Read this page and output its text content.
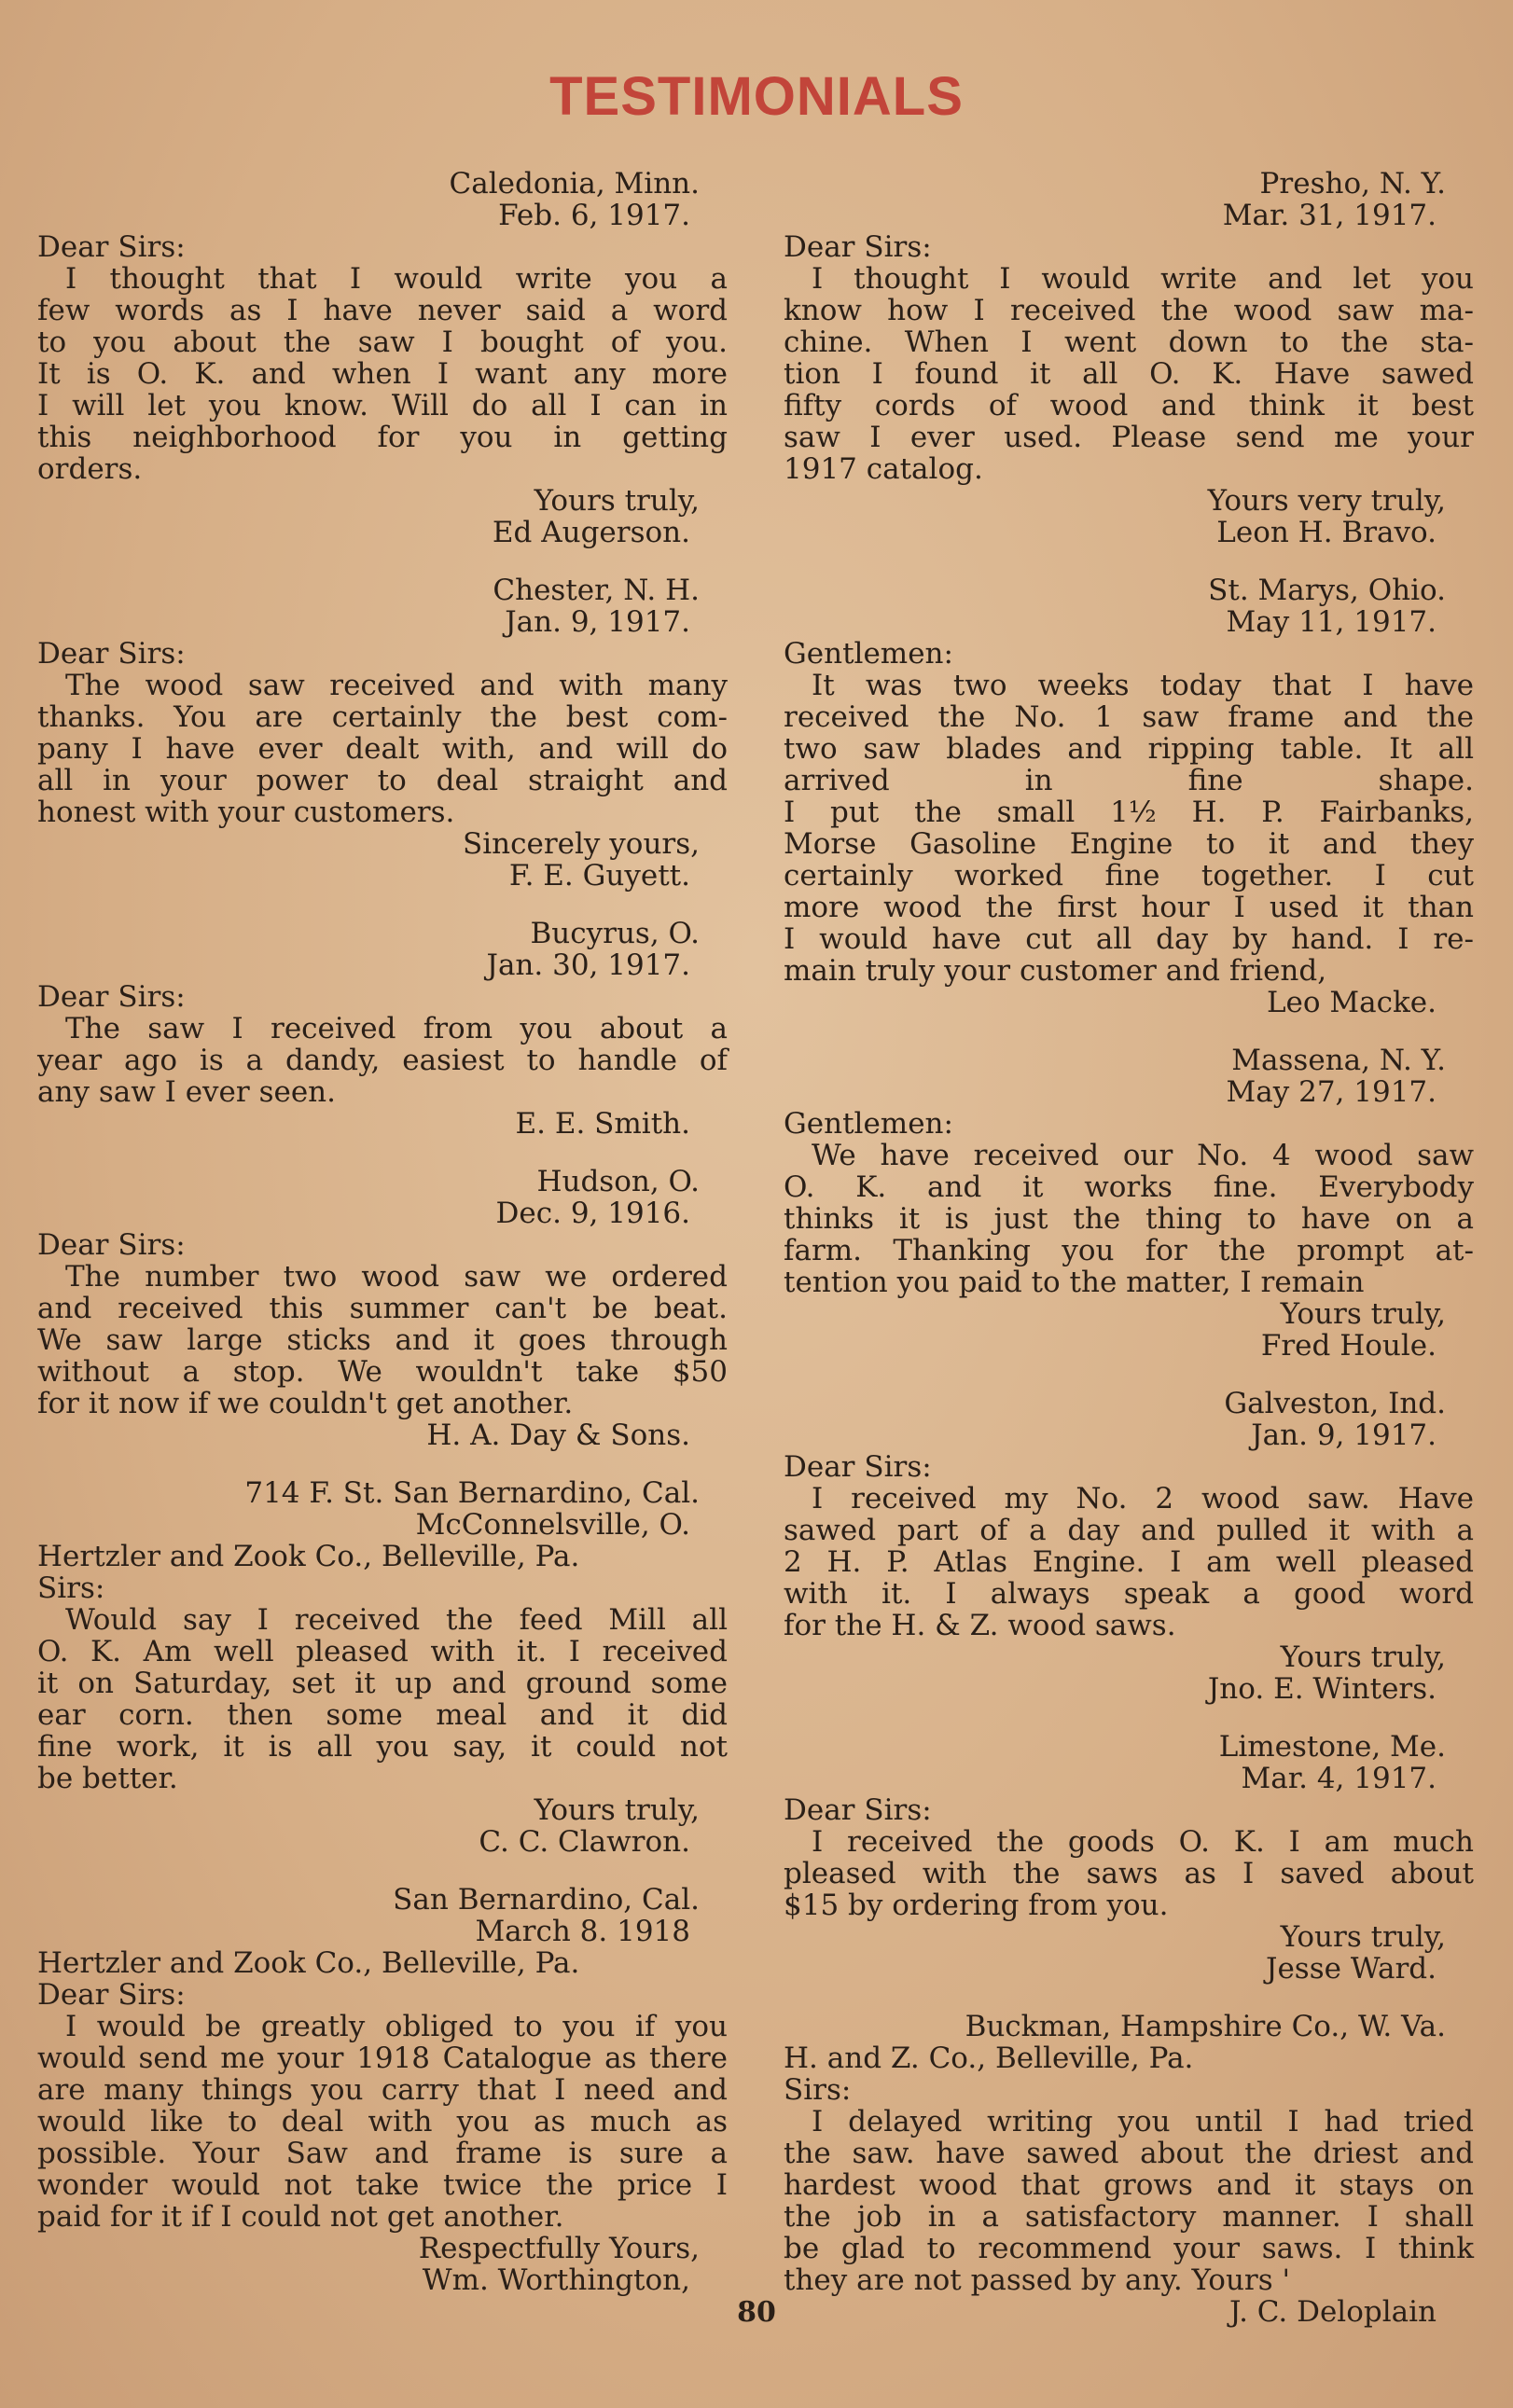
TESTIMONIALS
Caledonia, Minn.
Feb. 6, 1917.
Dear Sirs:
I thought that I would write you a
few words as I have never said a word
to you about the saw I bought of you.
It is O. K. and when I want any more
I will let you know. Will do all I can in
this neighborhood for you in getting
orders.
Yours truly,
Ed Augerson.
Chester, N. H.
Jan. 9, 1917.
Dear Sirs:
The wood saw received and with many
thanks. You are certainly the best com-
pany I have ever dealt with, and will do
all in your power to deal straight and
honest with your customers.
Sincerely yours,
F. E. Guyett.
Bucyrus, O.
Jan. 30, 1917.
Dear Sirs:
The saw I received from you about a
year ago is a dandy, easiest to handle of
any saw I ever seen.
E. E. Smith.
Hudson, O.
Dec. 9, 1916.
Dear Sirs:
The number two wood saw we ordered
and received this summer can't be beat.
We saw large sticks and it goes through
without a stop. We wouldn't take $50
for it now if we couldn't get another.
H. A. Day & Sons.
714 F. St. San Bernardino, Cal.
McConnelsville, O.
Hertzler and Zook Co., Belleville, Pa.
Sirs:
Would say I received the feed Mill all
O. K. Am well pleased with it. I received
it on Saturday, set it up and ground some
ear corn. then some meal and it did
fine work, it is all you say, it could not
be better.
Yours truly,
C. C. Clawron.
San Bernardino, Cal.
March 8. 1918
Hertzler and Zook Co., Belleville, Pa.
Dear Sirs:
I would be greatly obliged to you if you
would send me your 1918 Catalogue as there
are many things you carry that I need and
would like to deal with you as much as
possible. Your Saw and frame is sure a
wonder would not take twice the price I
paid for it if I could not get another.
Respectfully Yours,
Wm. Worthington,
Presho, N. Y.
Mar. 31, 1917.
Dear Sirs:
I thought I would write and let you
know how I received the wood saw ma-
chine. When I went down to the sta-
tion I found it all O. K. Have sawed
fifty cords of wood and think it best
saw I ever used. Please send me your
1917 catalog.
Yours very truly,
Leon H. Bravo.
St. Marys, Ohio.
May 11, 1917.
Gentlemen:
It was two weeks today that I have
received the No. 1 saw frame and the
two saw blades and ripping table. It all
arrived in fine shape.
I put the small 1½ H. P. Fairbanks,
Morse Gasoline Engine to it and they
certainly worked fine together. I cut
more wood the first hour I used it than
I would have cut all day by hand. I re-
main truly your customer and friend,
Leo Macke.
Massena, N. Y.
May 27, 1917.
Gentlemen:
We have received our No. 4 wood saw
O. K. and it works fine. Everybody
thinks it is just the thing to have on a
farm. Thanking you for the prompt at-
tention you paid to the matter, I remain
Yours truly,
Fred Houle.
Galveston, Ind.
Jan. 9, 1917.
Dear Sirs:
I received my No. 2 wood saw. Have
sawed part of a day and pulled it with a
2 H. P. Atlas Engine. I am well pleased
with it. I always speak a good word
for the H. & Z. wood saws.
Yours truly,
Jno. E. Winters.
Limestone, Me.
Mar. 4, 1917.
Dear Sirs:
I received the goods O. K. I am much
pleased with the saws as I saved about
$15 by ordering from you.
Yours truly,
Jesse Ward.
Buckman, Hampshire Co., W. Va.
H. and Z. Co., Belleville, Pa.
Sirs:
I delayed writing you until I had tried
the saw. have sawed about the driest and
hardest wood that grows and it stays on
the job in a satisfactory manner. I shall
be glad to recommend your saws. I think
they are not passed by any. Yours '
J. C. Deloplain
80
